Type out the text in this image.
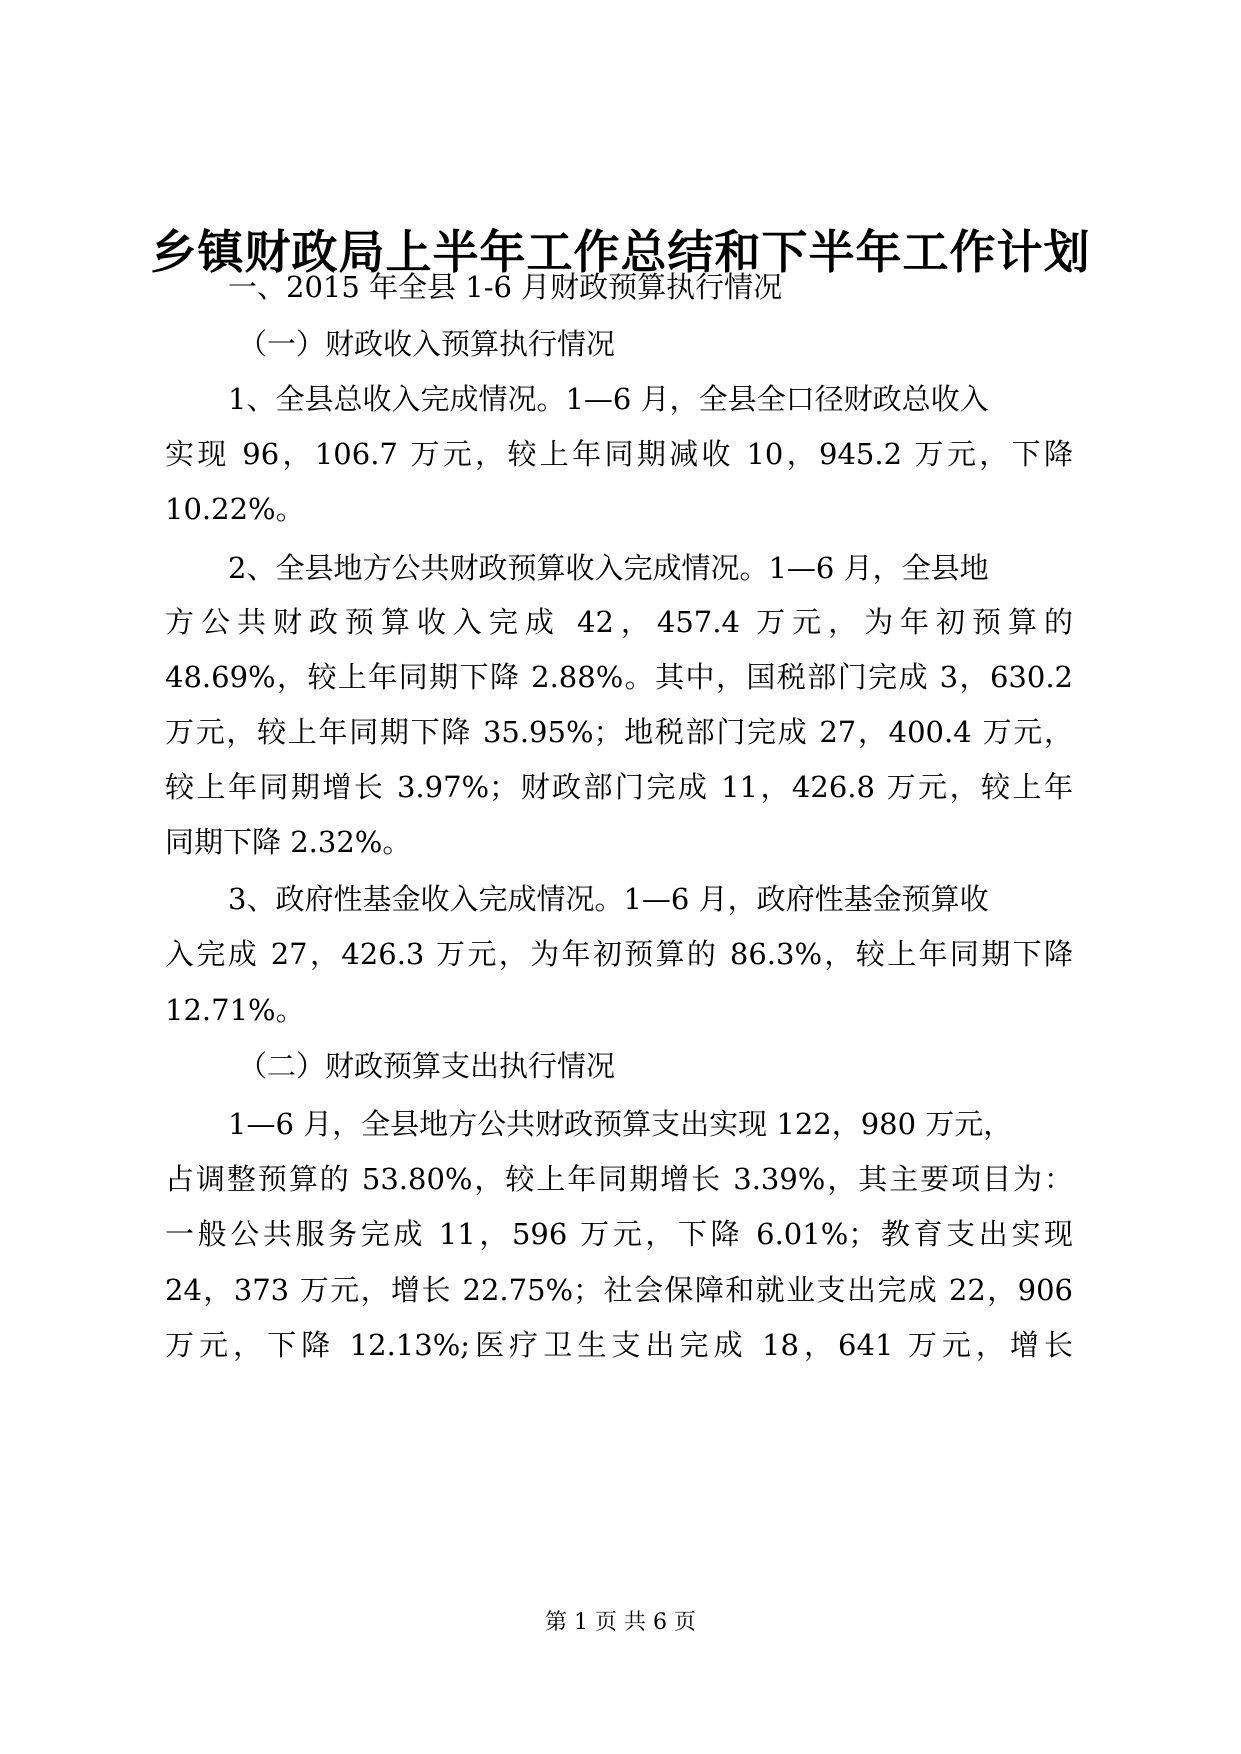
乡镇财政局上半年工作总结和下半年工作计划
一、2015 年全县 1-6 月财政预算执行情况
（一）财政收入预算执行情况
1、全县总收入完成情况。1—6 月，全县全口径财政总收入
实现 96，106.7 万元，较上年同期减收 10，945.2 万元，下降
10.22%。
2、全县地方公共财政预算收入完成情况。1—6 月，全县地
方公共财政预算收入完成 42，457.4 万元，为年初预算的
48.69%，较上年同期下降 2.88%。其中，国税部门完成 3，630.2
万元，较上年同期下降 35.95%；地税部门完成 27，400.4 万元，
较上年同期增长 3.97%；财政部门完成 11，426.8 万元，较上年
同期下降 2.32%。
3、政府性基金收入完成情况。1—6 月，政府性基金预算收
入完成 27，426.3 万元，为年初预算的 86.3%，较上年同期下降
12.71%。
（二）财政预算支出执行情况
1—6 月，全县地方公共财政预算支出实现 122，980 万元，
占调整预算的 53.80%，较上年同期增长 3.39%，其主要项目为：
一般公共服务完成 11，596 万元，下降 6.01%；教育支出实现
24，373 万元，增长 22.75%；社会保障和就业支出完成 22，906
万元，下降 12.13%;医疗卫生支出完成 18，641 万元，增长
第 1 页 共 6 页
